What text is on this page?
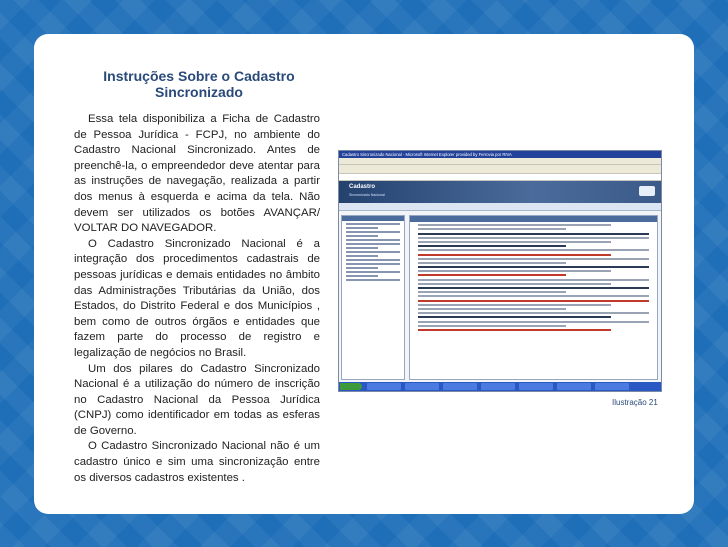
Instruções Sobre o Cadastro
Sincronizado

Essa tela disponibiliza a Ficha de Cadastro de Pessoa Jurídica - FCPJ, no ambiente do Cadastro Nacional Sincronizado. Antes de preenchê-la, o empreendedor deve atentar para as instruções de navegação, realizada a partir dos menus à esquerda e acima da tela. Não devem ser utilizados os botões AVANÇAR/ VOLTAR DO NAVEGADOR.

O Cadastro Sincronizado Nacional é a integração dos procedimentos cadastrais de pessoas jurídicas e demais entidades no âmbito das Administrações Tributárias da União, dos Estados, do Distrito Federal e dos Municípios , bem como de outros órgãos e entidades que fazem parte do processo de registro e legalização de negócios no Brasil.

Um dos pilares do Cadastro Sincronizado Nacional é a utilização do número de inscrição no Cadastro Nacional da Pessoa Jurídica (CNPJ) como identificador em todas as esferas de Governo.

O Cadastro Sincronizado Nacional não é um cadastro único e sim uma sincronização entre os diversos cadastros existentes .

Cadastro Sincronizado Nacional - Microsoft Internet Explorer provided by Ferrovia por RIVA
Cadastro
Sincronizado Nacional
Ilustração 21
